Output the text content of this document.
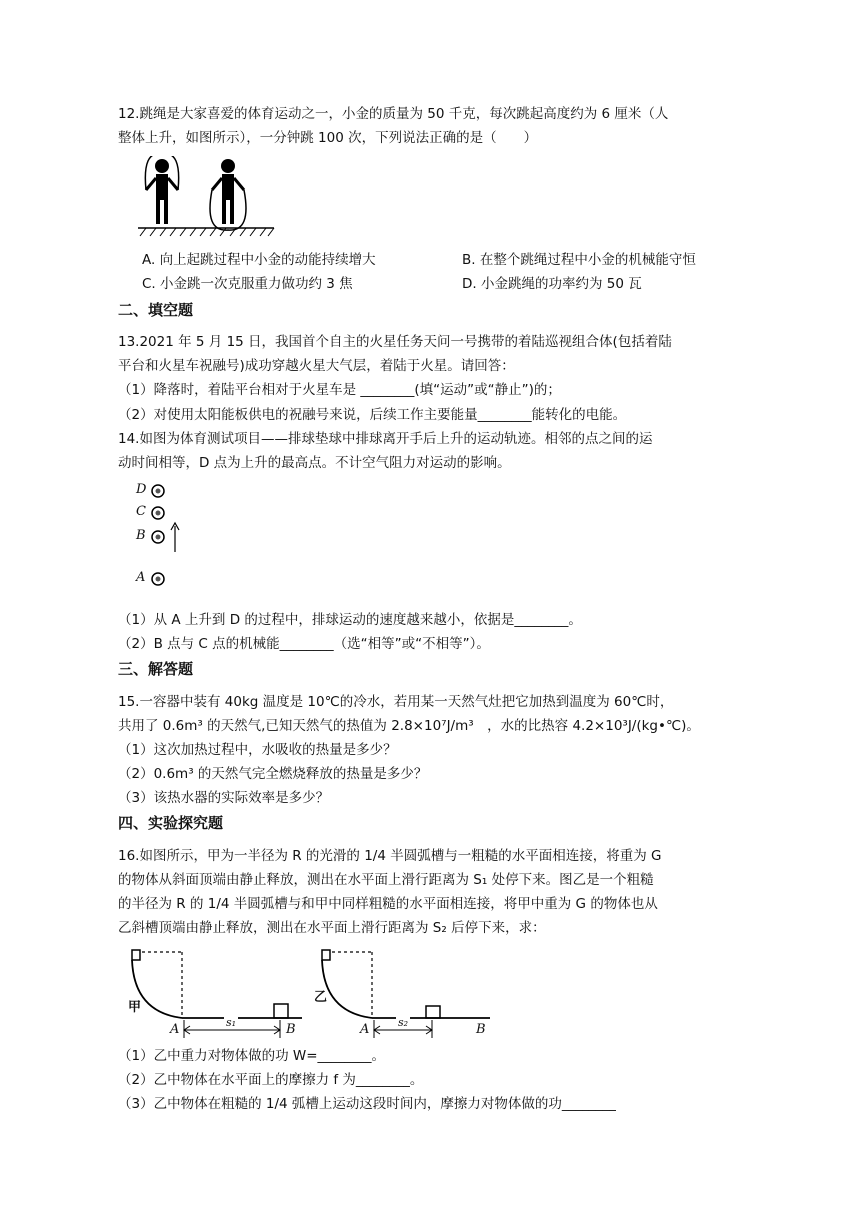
12.跳绳是大家喜爱的体育运动之一，小金的质量为 50 千克，每次跳起高度约为 6 厘米（人
整体上升，如图所示），一分钟跳 100 次，下列说法正确的是（　　）
A. 向上起跳过程中小金的动能持续增大	B. 在整个跳绳过程中小金的机械能守恒
C. 小金跳一次克服重力做功约 3 焦	D. 小金跳绳的功率约为 50 瓦
二、填空题
13.2021 年 5 月 15 日，我国首个自主的火星任务天问一号携带的着陆巡视组合体(包括着陆
平台和火星车祝融号)成功穿越火星大气层，着陆于火星。请回答：
（1）降落时，着陆平台相对于火星车是 ________(填“运动”或“静止”)的；
（2）对使用太阳能板供电的祝融号来说，后续工作主要能量________能转化的电能。
14.如图为体育测试项目——排球垫球中排球离开手后上升的运动轨迹。相邻的点之间的运
动时间相等，D 点为上升的最高点。不计空气阻力对运动的影响。
D
C
B
A
（1）从 A 上升到 D 的过程中，排球运动的速度越来越小，依据是________。
（2）B 点与 C 点的机械能________（选“相等”或“不相等”）。
三、解答题
15.一容器中装有 40kg 温度是 10℃的冷水，若用某一天然气灶把它加热到温度为 60℃时，
共用了 0.6m³ 的天然气,已知天然气的热值为 2.8×10⁷J/m³　，水的比热容 4.2×10³J/(kg•℃)。
（1）这次加热过程中，水吸收的热量是多少？
（2）0.6m³ 的天然气完全燃烧释放的热量是多少？
（3）该热水器的实际效率是多少？
四、实验探究题
16.如图所示，甲为一半径为 R 的光滑的 1/4 半圆弧槽与一粗糙的水平面相连接，将重为 G
的物体从斜面顶端由静止释放，测出在水平面上滑行距离为 S₁ 处停下来。图乙是一个粗糙
的半径为 R 的 1/4 半圆弧槽与和甲中同样粗糙的水平面相连接，将甲中重为 G 的物体也从
乙斜槽顶端由静止释放，测出在水平面上滑行距离为 S₂ 后停下来，求：
甲
A	s₁	B
乙
A	s₂	B
（1）乙中重力对物体做的功 W=________。
（2）乙中物体在水平面上的摩擦力 f 为________。
（3）乙中物体在粗糙的 1/4 弧槽上运动这段时间内，摩擦力对物体做的功________
